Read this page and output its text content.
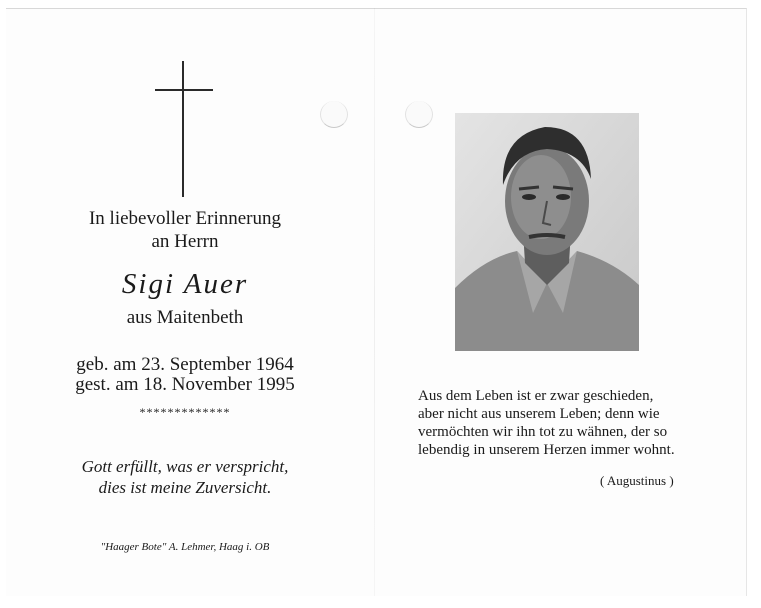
In liebevoller Erinnerung
an Herrn
Sigi Auer
aus Maitenbeth
geb. am 23. September 1964
gest. am 18. November 1995
*************
Gott erfüllt, was er verspricht,
dies ist meine Zuversicht.
"Haager Bote" A. Lehmer, Haag i. OB
Aus dem Leben ist er zwar geschieden,
aber nicht aus unserem Leben; denn wie
vermöchten wir ihn tot zu wähnen, der so
lebendig in unserem Herzen immer wohnt.
( Augustinus )
